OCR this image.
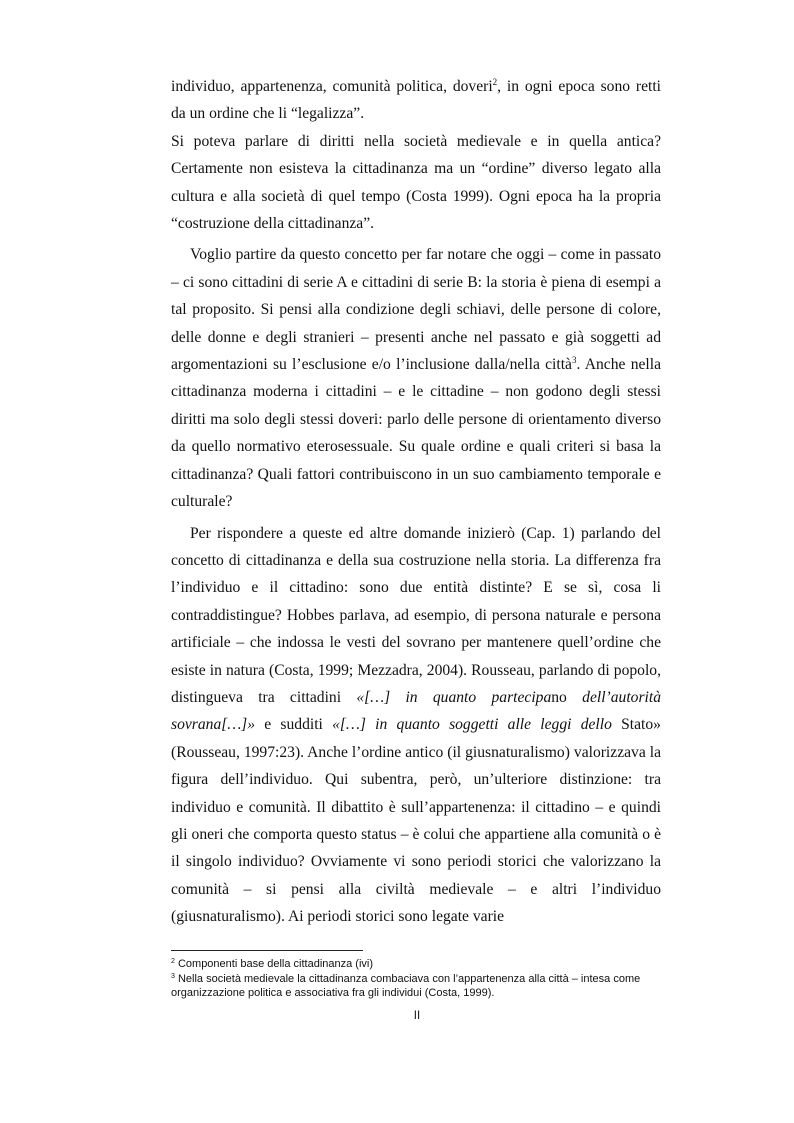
individuo, appartenenza, comunità politica, doveri$^2$, in ogni epoca sono retti da un ordine che li “legalizza”.

Si poteva parlare di diritti nella società medievale e in quella antica? Certamente non esisteva la cittadinanza ma un “ordine” diverso legato alla cultura e alla società di quel tempo (Costa 1999). Ogni epoca ha la propria “costruzione della cittadinanza”.

Voglio partire da questo concetto per far notare che oggi – come in passato – ci sono cittadini di serie A e cittadini di serie B: la storia è piena di esempi a tal proposito. Si pensi alla condizione degli schiavi, delle persone di colore, delle donne e degli stranieri – presenti anche nel passato e già soggetti ad argomentazioni su l’esclusione e/o l’inclusione dalla/nella città$^3$. Anche nella cittadinanza moderna i cittadini – e le cittadine – non godono degli stessi diritti ma solo degli stessi doveri: parlo delle persone di orientamento diverso da quello normativo eterosessuale. Su quale ordine e quali criteri si basa la cittadinanza? Quali fattori contribuiscono in un suo cambiamento temporale e culturale?

Per rispondere a queste ed altre domande inizierò (Cap. 1) parlando del concetto di cittadinanza e della sua costruzione nella storia. La differenza fra l’individuo e il cittadino: sono due entità distinte? E se sì, cosa li contraddistingue? Hobbes parlava, ad esempio, di persona naturale e persona artificiale – che indossa le vesti del sovrano per mantenere quell’ordine che esiste in natura (Costa, 1999; Mezzadra, 2004). Rousseau, parlando di popolo, distingueva tra cittadini «[…] in quanto partecipano dell’autorità sovrana[…]» e sudditi «[…] in quanto soggetti alle leggi dello Stato» (Rousseau, 1997:23). Anche l’ordine antico (il giusnaturalismo) valorizzava la figura dell’individuo. Qui subentra, però, un’ulteriore distinzione: tra individuo e comunità. Il dibattito è sull’appartenenza: il cittadino – e quindi gli oneri che comporta questo status – è colui che appartiene alla comunità o è il singolo individuo? Ovviamente vi sono periodi storici che valorizzano la comunità – si pensi alla civiltà medievale – e altri l’individuo (giusnaturalismo). Ai periodi storici sono legate varie

$^2$ Componenti base della cittadinanza (ivi)

$^3$ Nella società medievale la cittadinanza combaciava con l’appartenenza alla città – intesa come organizzazione politica e associativa fra gli individui (Costa, 1999).

II
